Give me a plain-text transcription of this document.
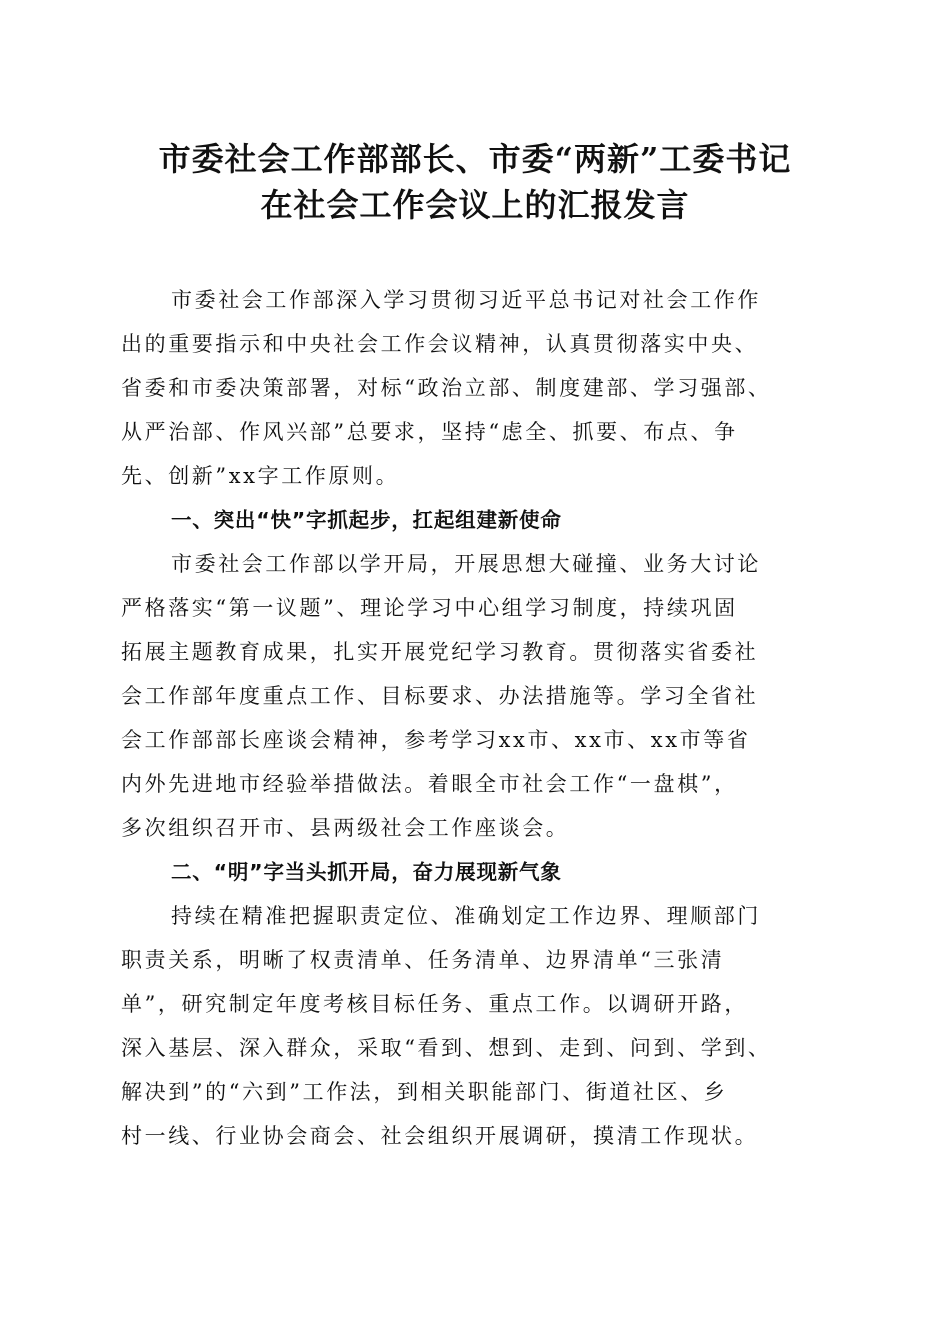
市委社会工作部部长、市委“两新”工委书记
在社会工作会议上的汇报发言

市委社会工作部深入学习贯彻习近平总书记对社会工作作
出的重要指示和中央社会工作会议精神，认真贯彻落实中央、
省委和市委决策部署，对标“政治立部、制度建部、学习强部、
从严治部、作风兴部”总要求，坚持“虑全、抓要、布点、争
先、创新”xx字工作原则。

一、突出“快”字抓起步，扛起组建新使命

市委社会工作部以学开局，开展思想大碰撞、业务大讨论
严格落实“第一议题”、理论学习中心组学习制度，持续巩固
拓展主题教育成果，扎实开展党纪学习教育。贯彻落实省委社
会工作部年度重点工作、目标要求、办法措施等。学习全省社
会工作部部长座谈会精神，参考学习xx市、xx市、xx市等省
内外先进地市经验举措做法。着眼全市社会工作“一盘棋”，
多次组织召开市、县两级社会工作座谈会。

二、“明”字当头抓开局，奋力展现新气象

持续在精准把握职责定位、准确划定工作边界、理顺部门
职责关系，明晰了权责清单、任务清单、边界清单“三张清
单”，研究制定年度考核目标任务、重点工作。以调研开路，
深入基层、深入群众，采取“看到、想到、走到、问到、学到、
解决到”的“六到”工作法，到相关职能部门、街道社区、乡
村一线、行业协会商会、社会组织开展调研，摸清工作现状。
